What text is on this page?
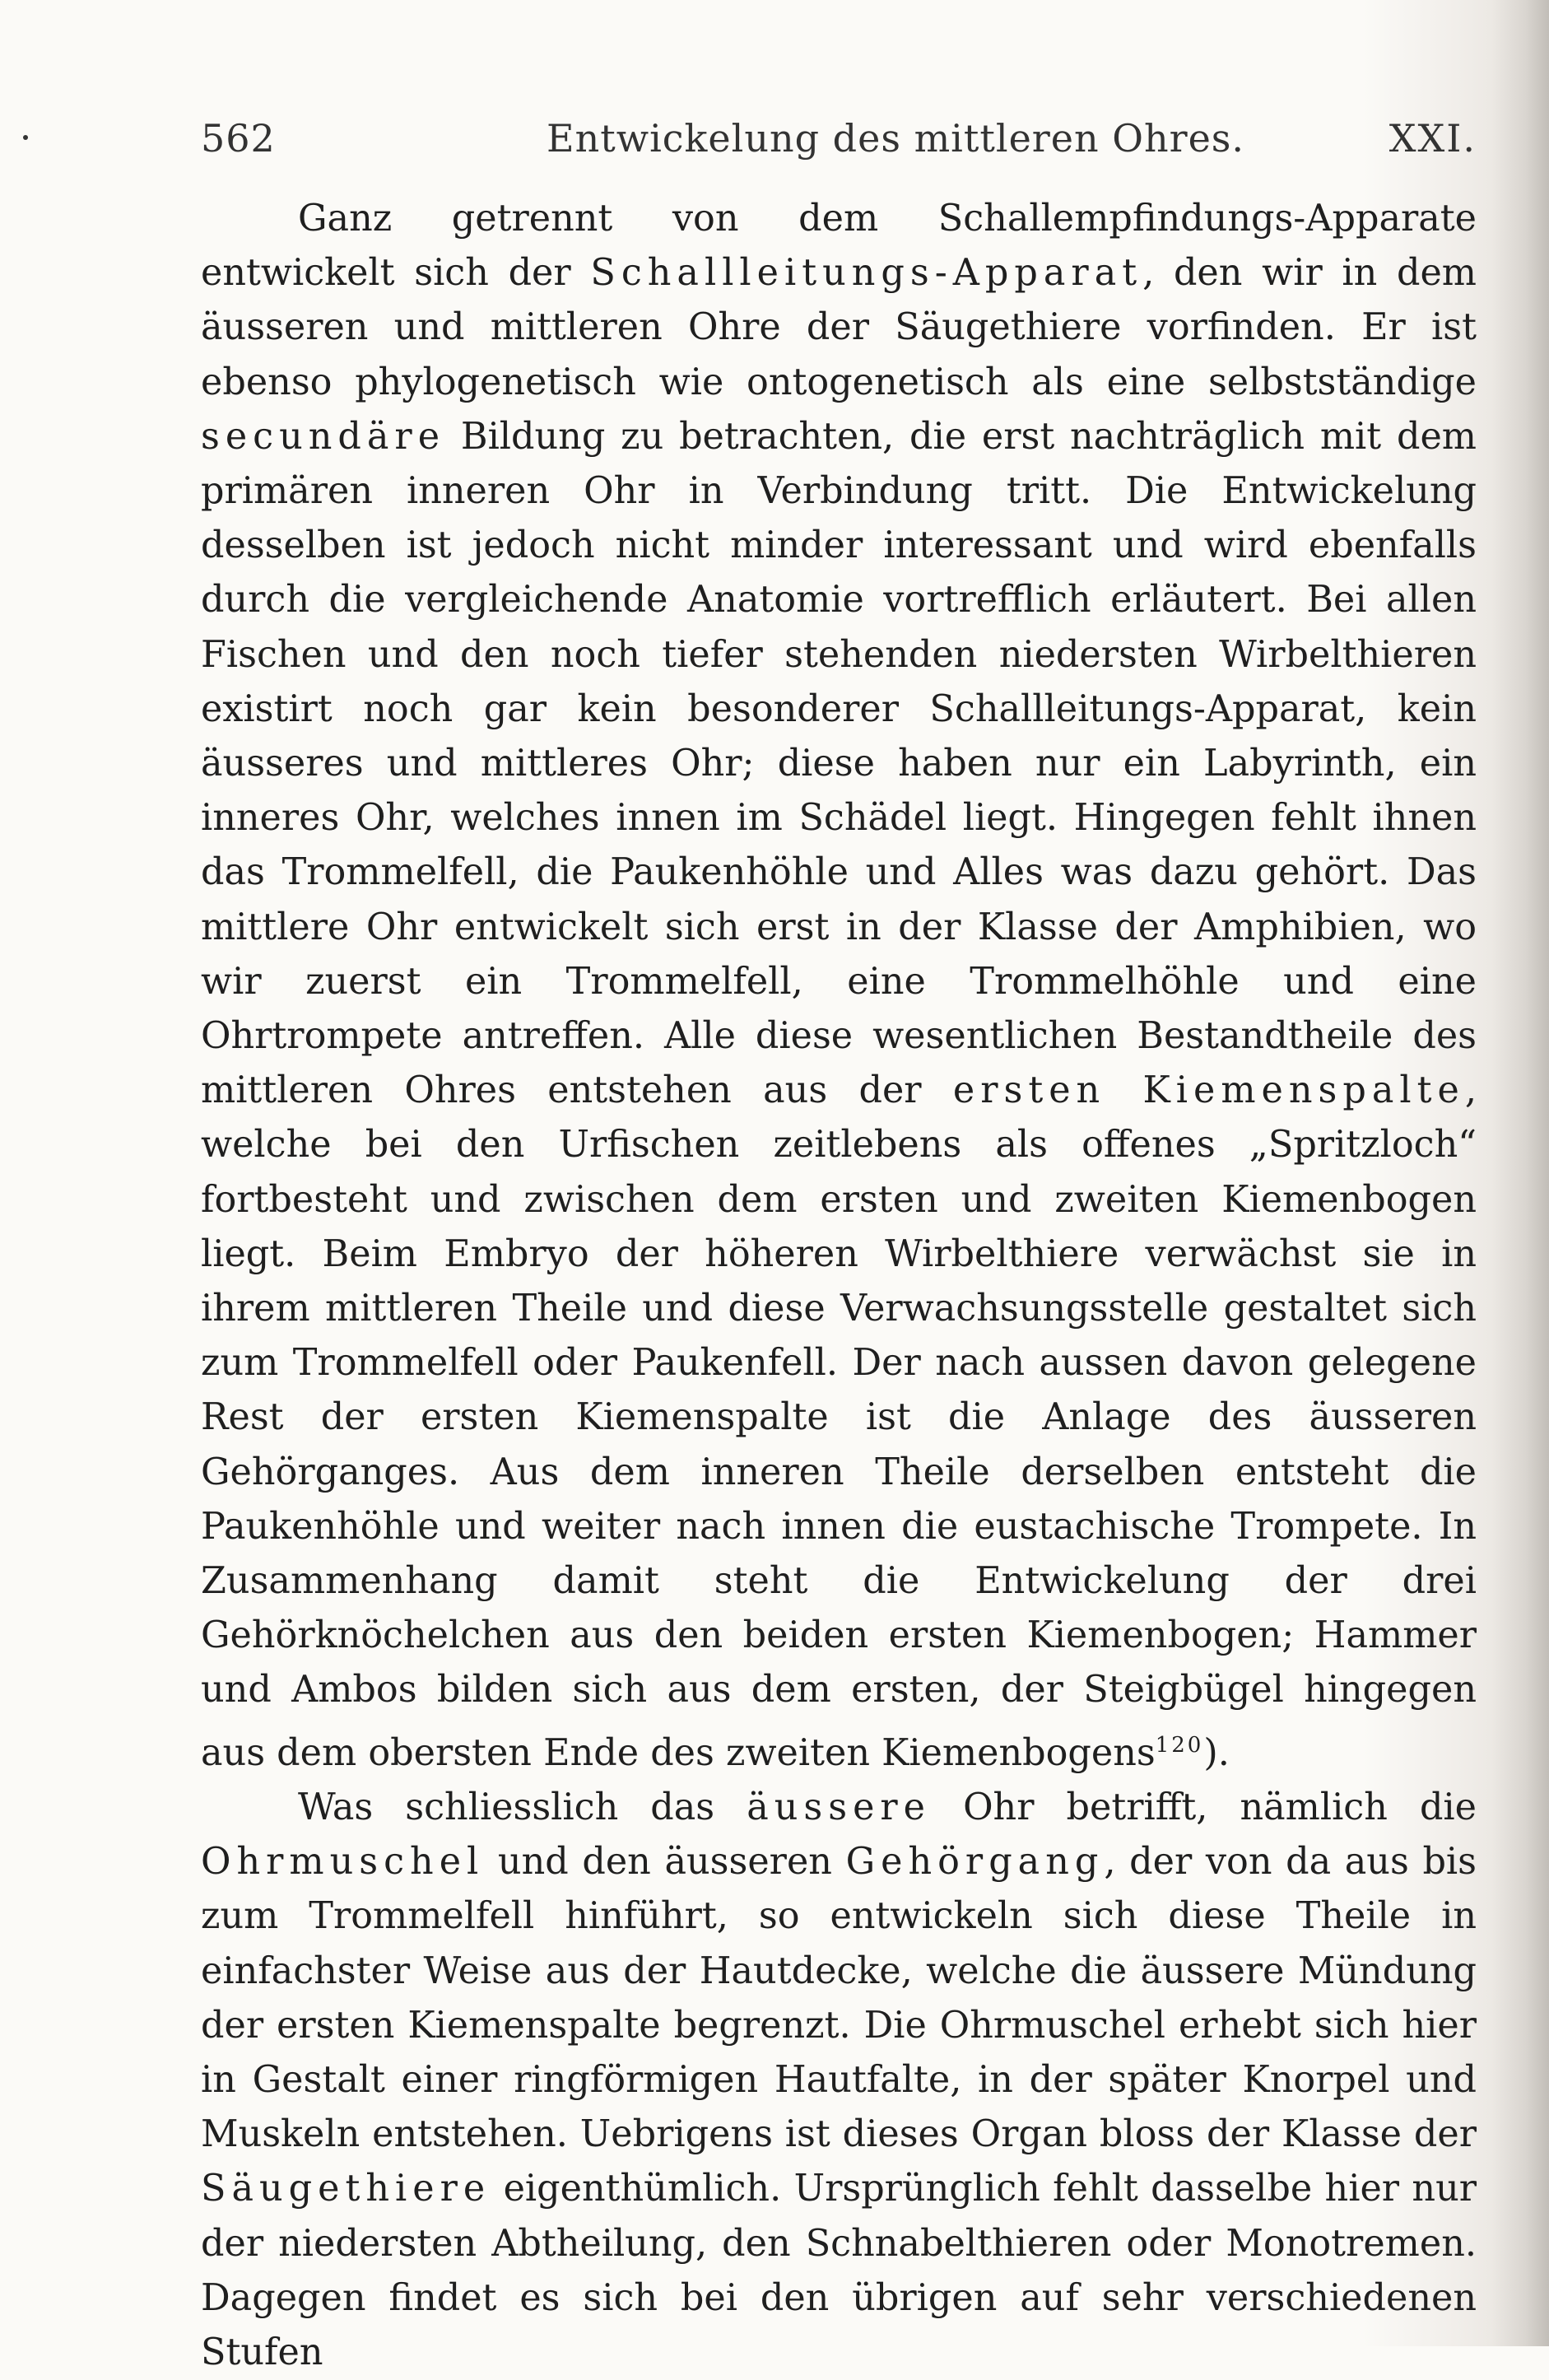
562	Entwickelung des mittleren Ohres.	XXI.

Ganz getrennt von dem Schallempfindungs-Apparate entwickelt sich der Schallleitungs-Apparat, den wir in dem äusseren und mittleren Ohre der Säugethiere vorfinden. Er ist ebenso phylogenetisch wie ontogenetisch als eine selbstständige secundäre Bildung zu betrachten, die erst nachträglich mit dem primären inneren Ohr in Verbindung tritt. Die Entwickelung desselben ist jedoch nicht minder interessant und wird ebenfalls durch die vergleichende Anatomie vortrefflich erläutert. Bei allen Fischen und den noch tiefer stehenden niedersten Wirbelthieren existirt noch gar kein besonderer Schallleitungs-Apparat, kein äusseres und mittleres Ohr; diese haben nur ein Labyrinth, ein inneres Ohr, welches innen im Schädel liegt. Hingegen fehlt ihnen das Trommelfell, die Paukenhöhle und Alles was dazu gehört. Das mittlere Ohr entwickelt sich erst in der Klasse der Amphibien, wo wir zuerst ein Trommelfell, eine Trommelhöhle und eine Ohrtrompete antreffen. Alle diese wesentlichen Bestandtheile des mittleren Ohres entstehen aus der ersten Kiemenspalte, welche bei den Urfischen zeitlebens als offenes „Spritzloch“ fortbesteht und zwischen dem ersten und zweiten Kiemenbogen liegt. Beim Embryo der höheren Wirbelthiere verwächst sie in ihrem mittleren Theile und diese Verwachsungsstelle gestaltet sich zum Trommelfell oder Paukenfell. Der nach aussen davon gelegene Rest der ersten Kiemenspalte ist die Anlage des äusseren Gehörganges. Aus dem inneren Theile derselben entsteht die Paukenhöhle und weiter nach innen die eustachische Trompete. In Zusammenhang damit steht die Entwickelung der drei Gehörknöchelchen aus den beiden ersten Kiemenbogen; Hammer und Ambos bilden sich aus dem ersten, der Steigbügel hingegen aus dem obersten Ende des zweiten Kiemenbogens$^{120}$).

Was schliesslich das äussere Ohr betrifft, nämlich die Ohrmuschel und den äusseren Gehörgang, der von da aus bis zum Trommelfell hinführt, so entwickeln sich diese Theile in einfachster Weise aus der Hautdecke, welche die äussere Mündung der ersten Kiemenspalte begrenzt. Die Ohrmuschel erhebt sich hier in Gestalt einer ringförmigen Hautfalte, in der später Knorpel und Muskeln entstehen. Uebrigens ist dieses Organ bloss der Klasse der Säugethiere eigenthümlich. Ursprünglich fehlt dasselbe hier nur der niedersten Abtheilung, den Schnabelthieren oder Monotremen. Dagegen findet es sich bei den übrigen auf sehr verschiedenen Stufen
